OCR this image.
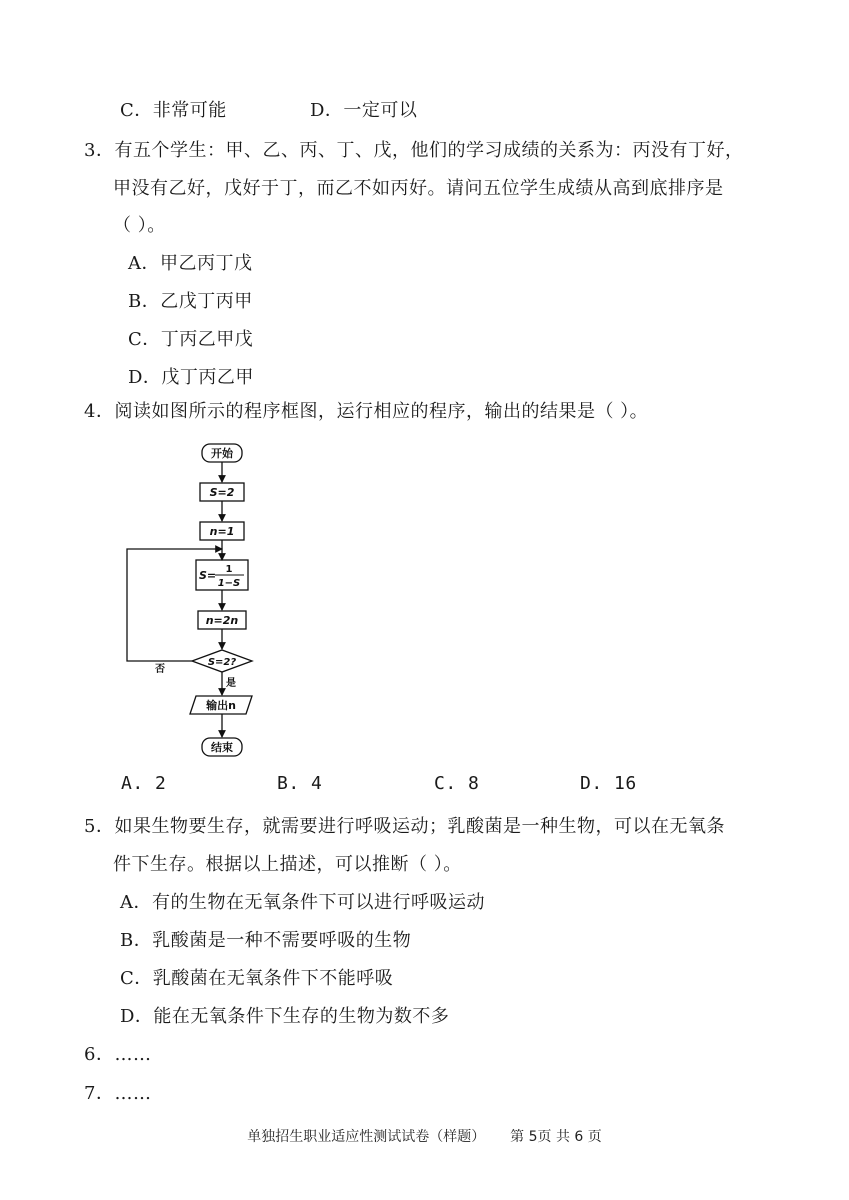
C．非常可能	D．一定可以
3．有五个学生：甲、乙、丙、丁、戊，他们的学习成绩的关系为：丙没有丁好，
甲没有乙好，戊好于丁，而乙不如丙好。请问五位学生成绩从高到底排序是
（ ）。
A．甲乙丙丁戊
B．乙戊丁丙甲
C．丁丙乙甲戊
D．戊丁丙乙甲
4．阅读如图所示的程序框图，运行相应的程序，输出的结果是（ ）。
开始
S=2
n=1
S= 1
1−S
n=2n
S=2?
否
是
输出n
结束
A. 2	B. 4	C. 8	D. 16
5．如果生物要生存，就需要进行呼吸运动；乳酸菌是一种生物，可以在无氧条
件下生存。根据以上描述，可以推断（ ）。
A．有的生物在无氧条件下可以进行呼吸运动
B．乳酸菌是一种不需要呼吸的生物
C．乳酸菌在无氧条件下不能呼吸
D．能在无氧条件下生存的生物为数不多
6．……
7．……
单独招生职业适应性测试试卷（样题） 第 5页 共 6 页
